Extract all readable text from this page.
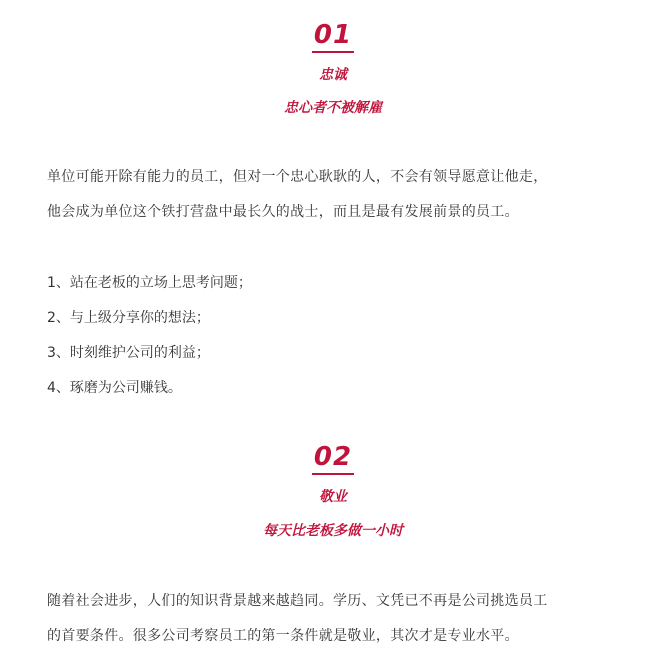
01
忠诚
忠心者不被解雇

单位可能开除有能力的员工，但对一个忠心耿耿的人，不会有领导愿意让他走，
他会成为单位这个铁打营盘中最长久的战士，而且是最有发展前景的员工。

1、站在老板的立场上思考问题；
2、与上级分享你的想法；
3、时刻维护公司的利益；
4、琢磨为公司赚钱。
02
敬业
每天比老板多做一小时

随着社会进步，人们的知识背景越来越趋同。学历、文凭已不再是公司挑选员工
的首要条件。很多公司考察员工的第一条件就是敬业，其次才是专业水平。
